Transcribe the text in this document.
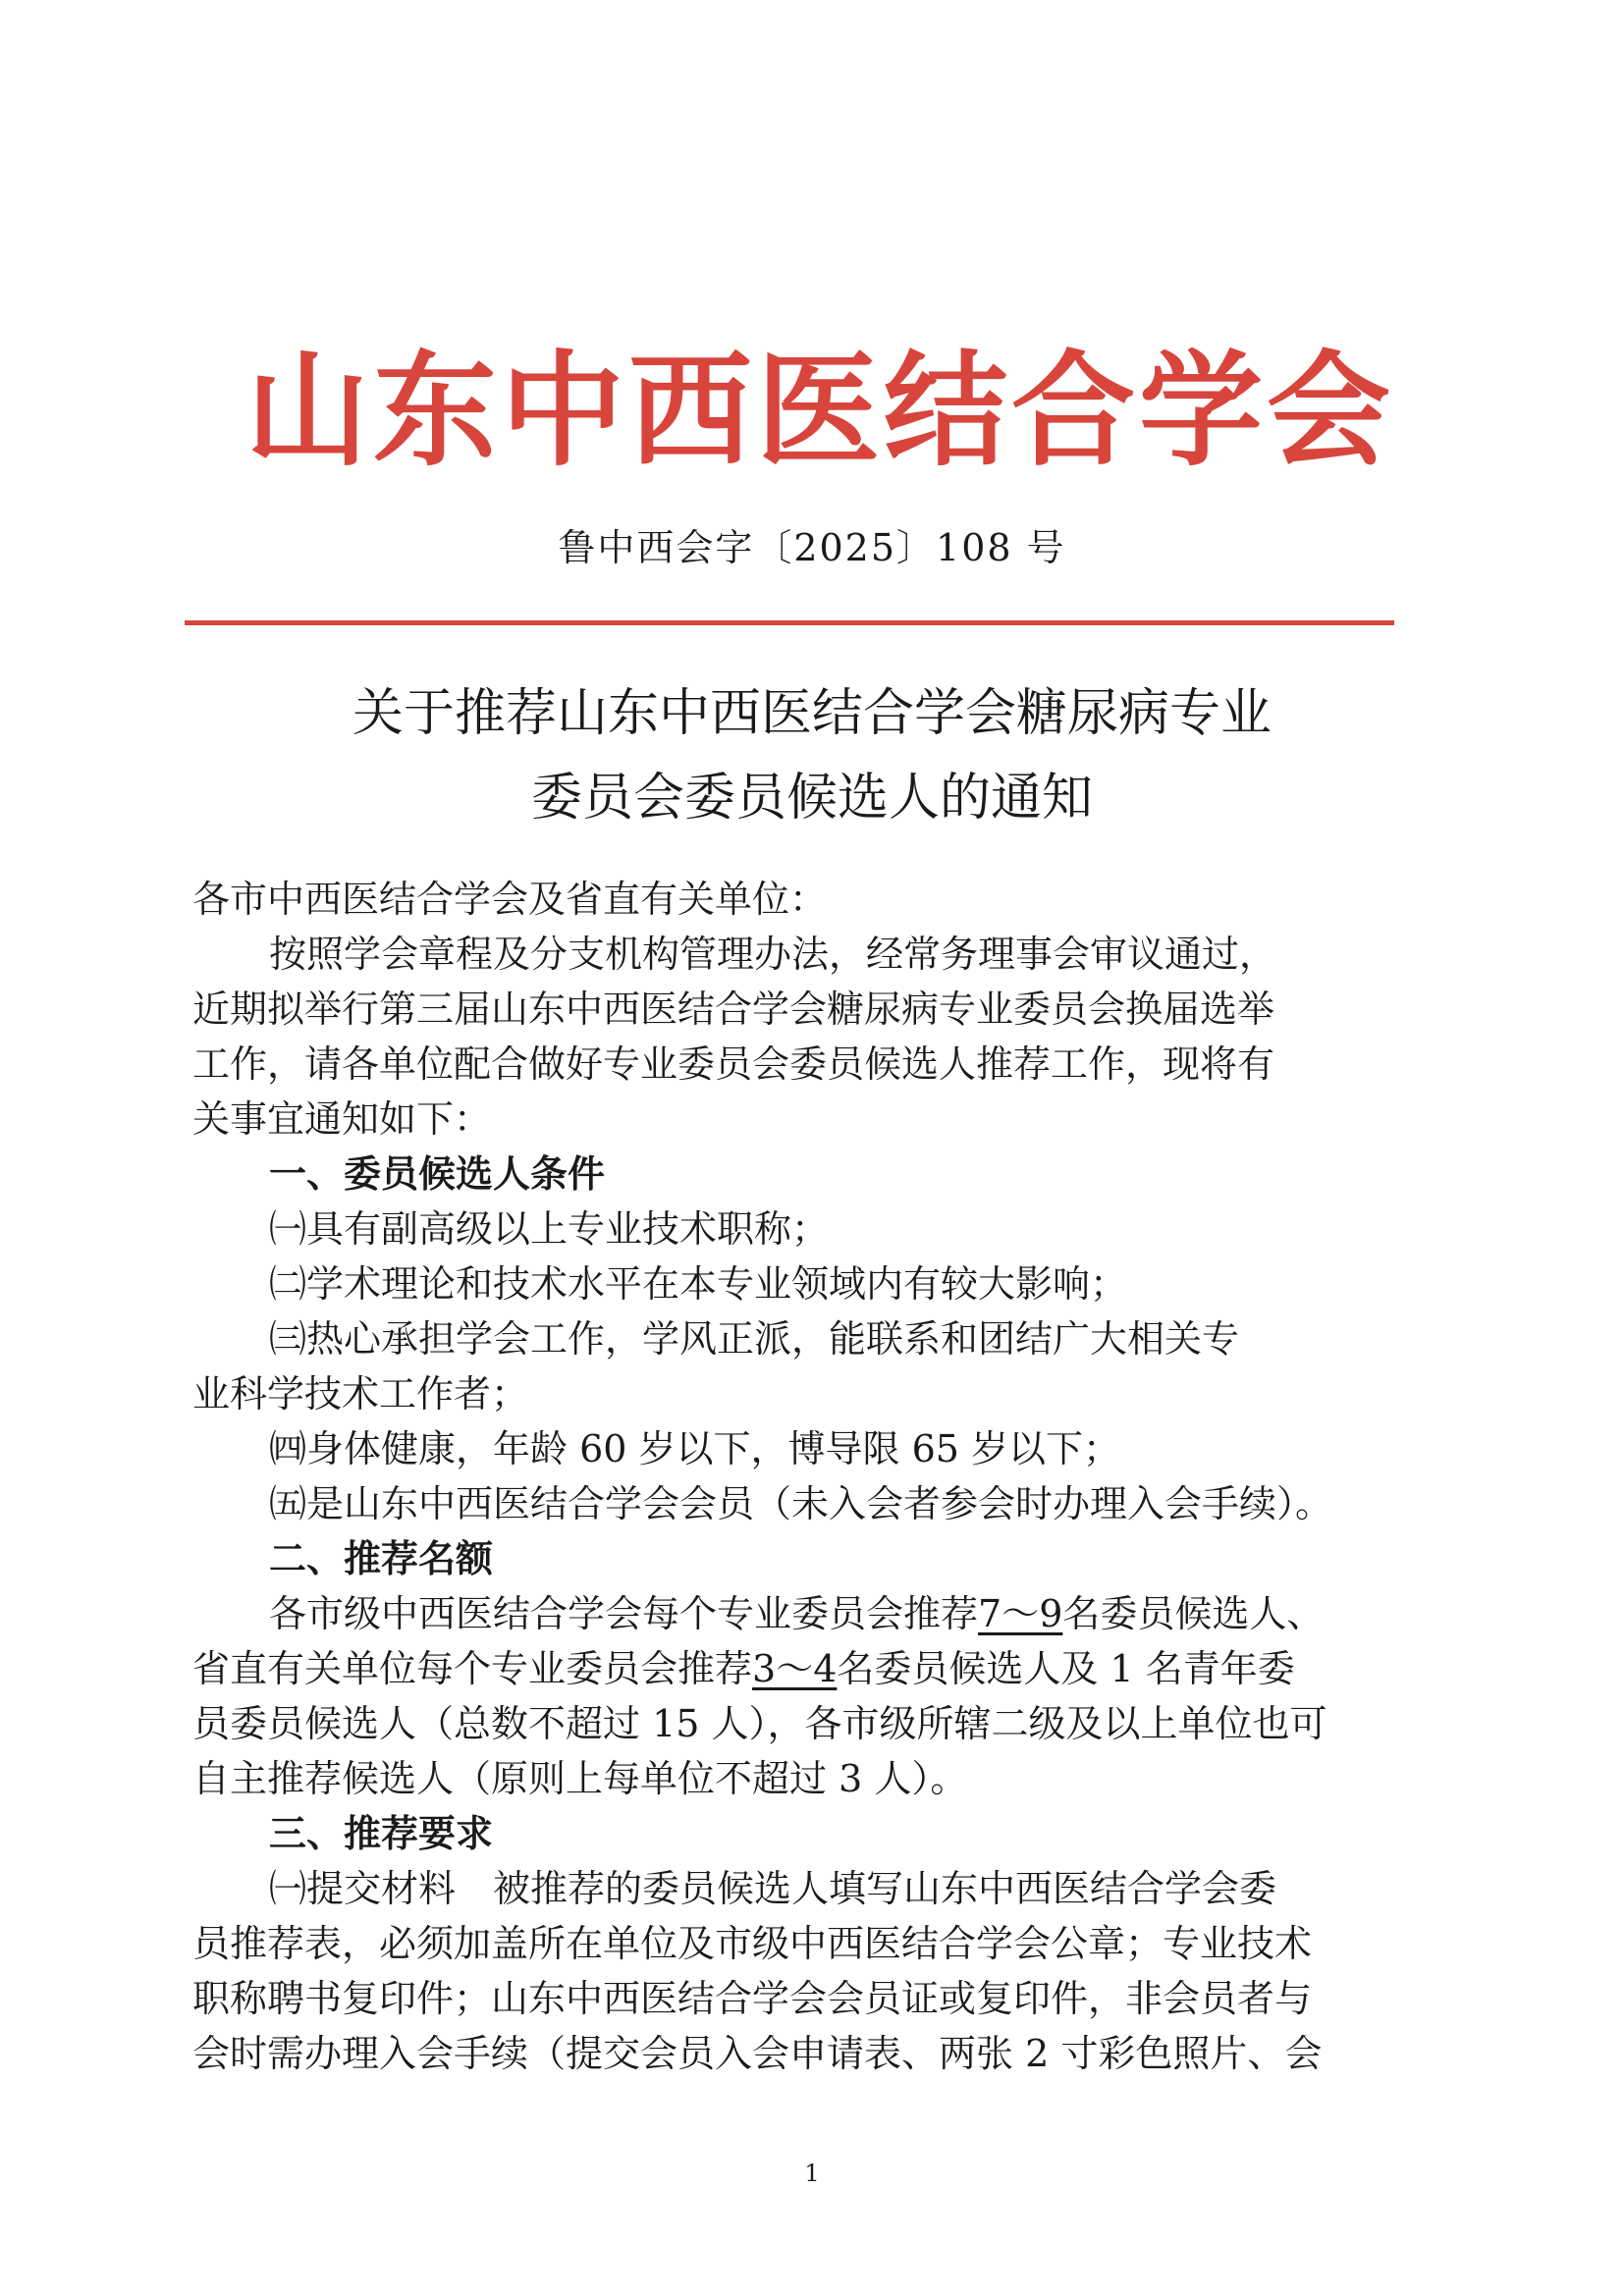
山东中西医结合学会
鲁中西会字〔2025〕108 号
关于推荐山东中西医结合学会糖尿病专业
委员会委员候选人的通知
各市中西医结合学会及省直有关单位：
按照学会章程及分支机构管理办法，经常务理事会审议通过，
近期拟举行第三届山东中西医结合学会糖尿病专业委员会换届选举
工作，请各单位配合做好专业委员会委员候选人推荐工作，现将有
关事宜通知如下：
一、委员候选人条件
㈠具有副高级以上专业技术职称；
㈡学术理论和技术水平在本专业领域内有较大影响；
㈢热心承担学会工作，学风正派，能联系和团结广大相关专
业科学技术工作者；
㈣身体健康，年龄 60 岁以下，博导限 65 岁以下；
㈤是山东中西医结合学会会员（未入会者参会时办理入会手续）。
二、推荐名额
各市级中西医结合学会每个专业委员会推荐7～9名委员候选人、
省直有关单位每个专业委员会推荐3～4名委员候选人及 1 名青年委
员委员候选人（总数不超过 15 人），各市级所辖二级及以上单位也可
自主推荐候选人（原则上每单位不超过 3 人）。
三、推荐要求
㈠提交材料　被推荐的委员候选人填写山东中西医结合学会委
员推荐表，必须加盖所在单位及市级中西医结合学会公章；专业技术
职称聘书复印件；山东中西医结合学会会员证或复印件，非会员者与
会时需办理入会手续（提交会员入会申请表、两张 2 寸彩色照片、会
1
